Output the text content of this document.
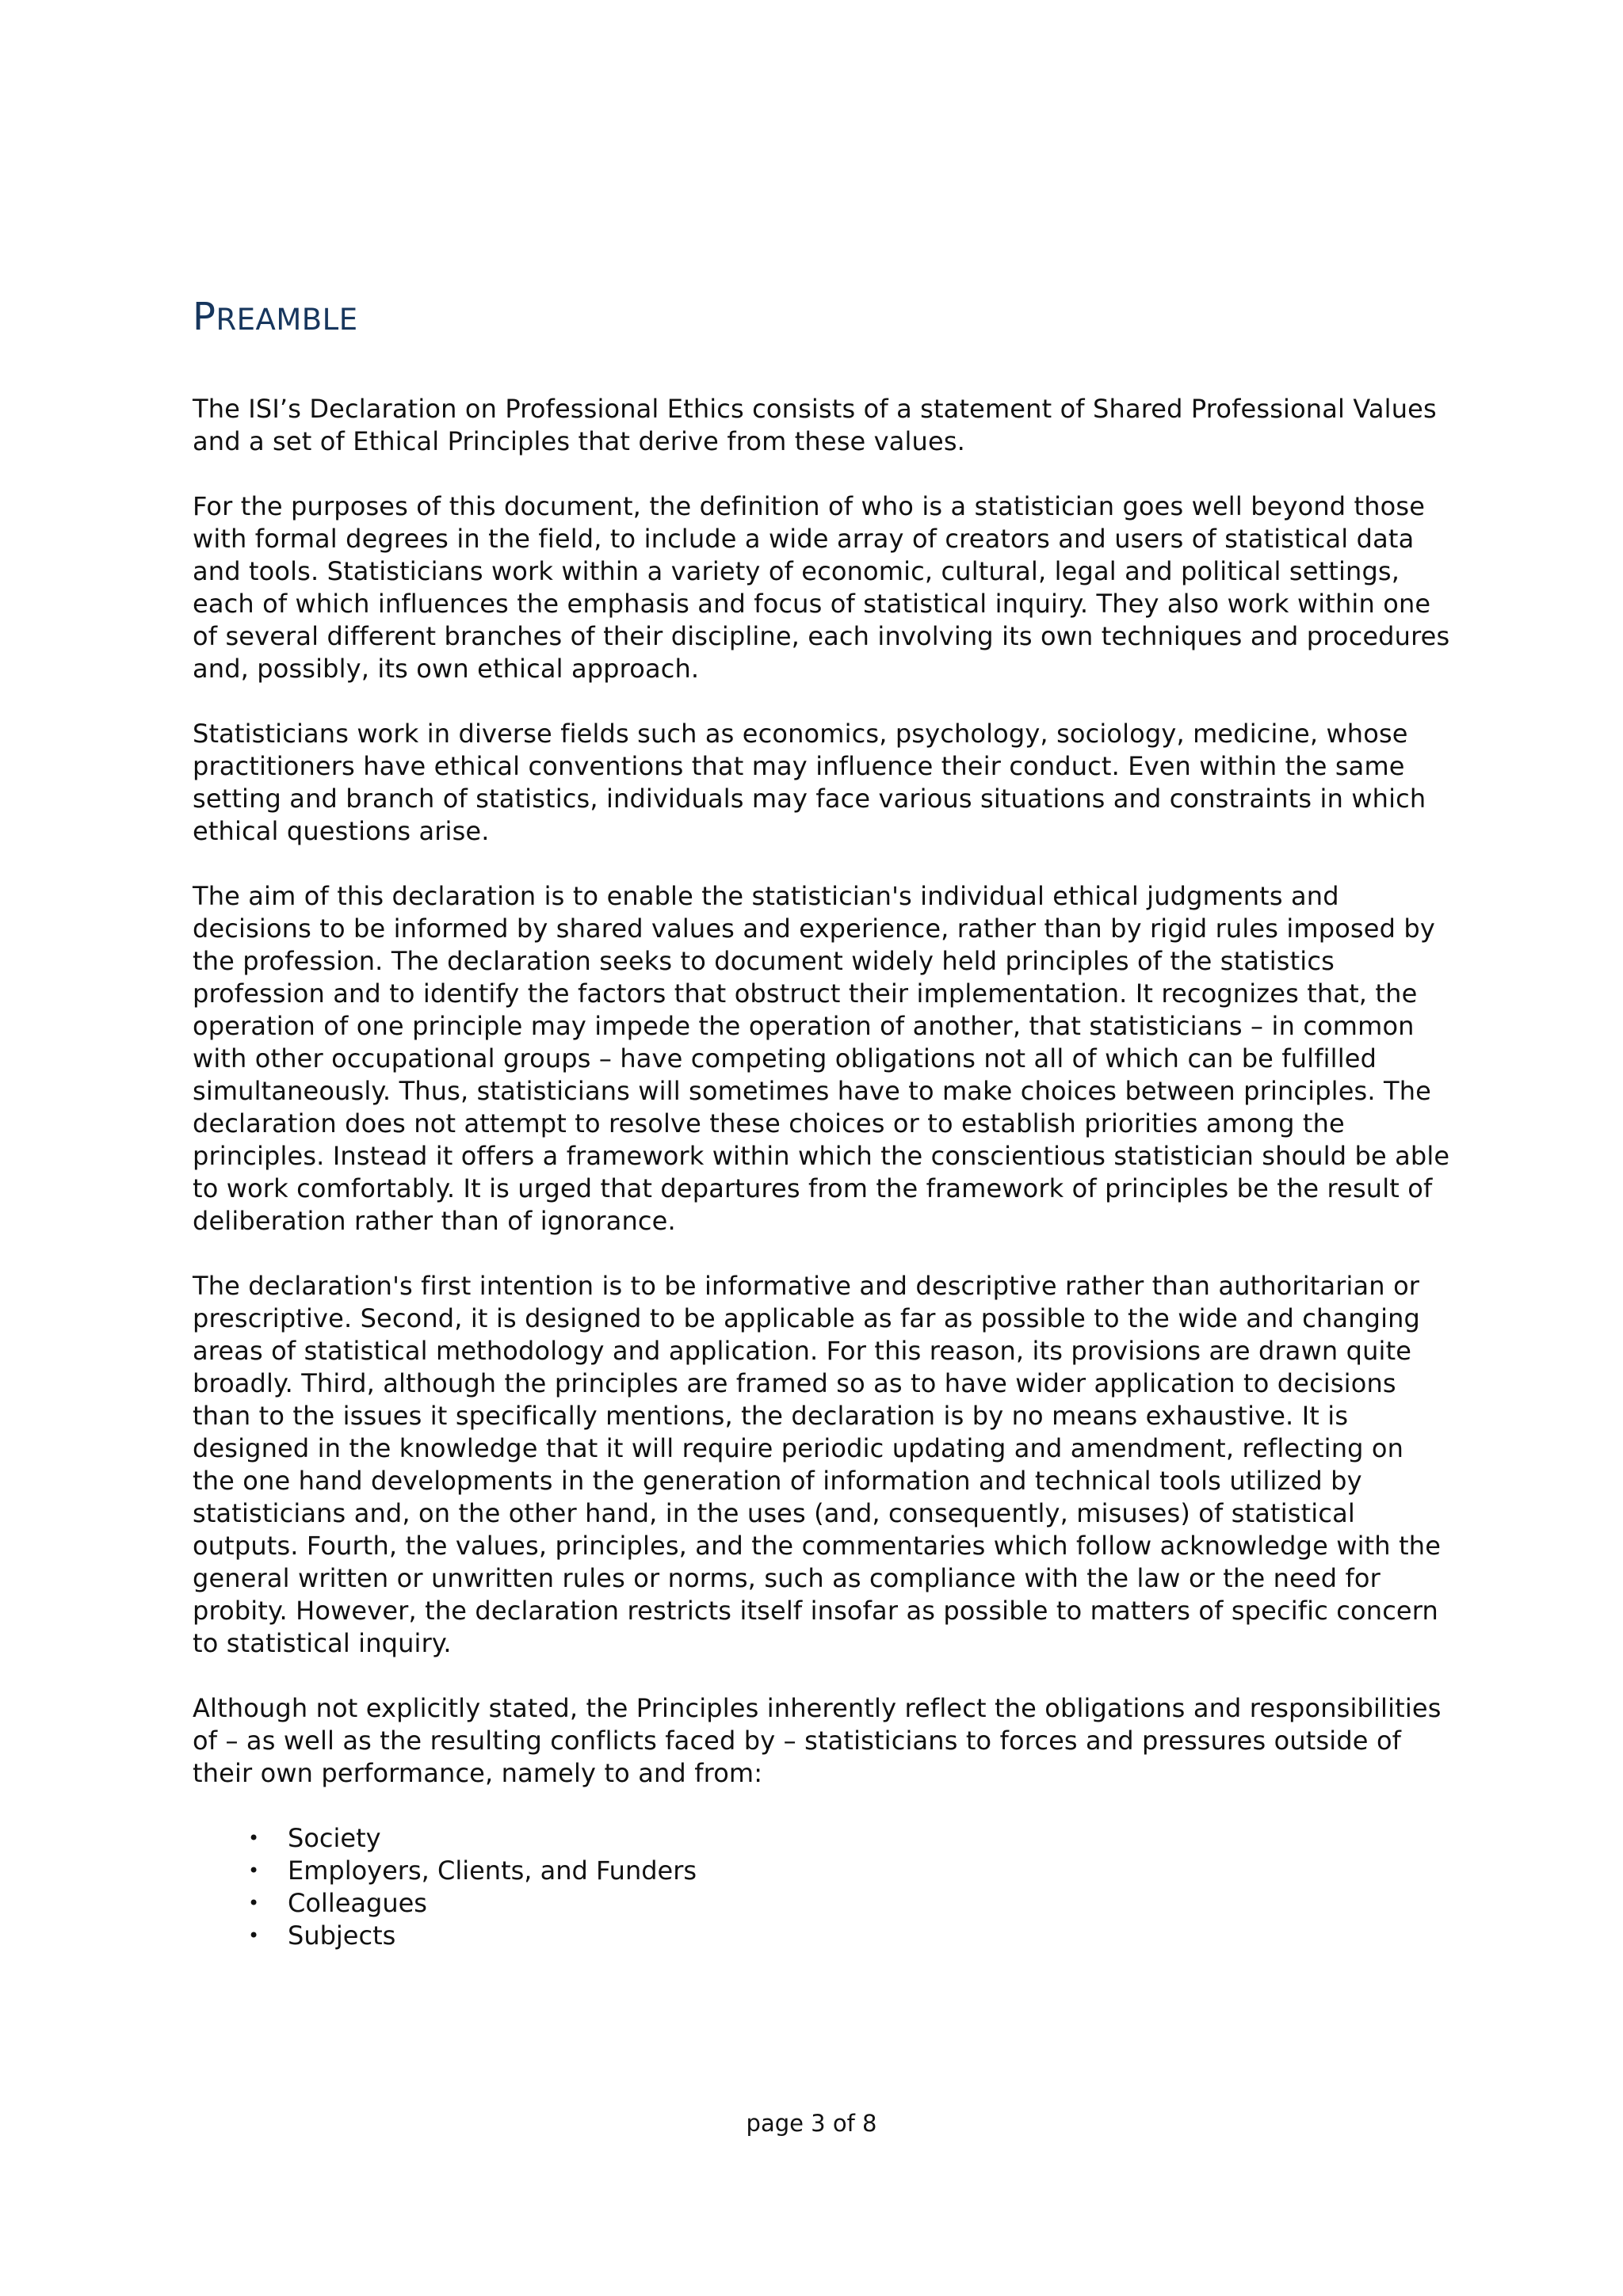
PREAMBLE

The ISI’s Declaration on Professional Ethics consists of a statement of Shared Professional Values and a set of Ethical Principles that derive from these values.

For the purposes of this document, the definition of who is a statistician goes well beyond those with formal degrees in the field, to include a wide array of creators and users of statistical data and tools. Statisticians work within a variety of economic, cultural, legal and political settings, each of which influences the emphasis and focus of statistical inquiry. They also work within one of several different branches of their discipline, each involving its own techniques and procedures and, possibly, its own ethical approach.

Statisticians work in diverse fields such as economics, psychology, sociology, medicine, whose practitioners have ethical conventions that may influence their conduct. Even within the same setting and branch of statistics, individuals may face various situations and constraints in which ethical questions arise.

The aim of this declaration is to enable the statistician's individual ethical judgments and decisions to be informed by shared values and experience, rather than by rigid rules imposed by the profession. The declaration seeks to document widely held principles of the statistics profession and to identify the factors that obstruct their implementation. It recognizes that, the operation of one principle may impede the operation of another, that statisticians – in common with other occupational groups – have competing obligations not all of which can be fulfilled simultaneously. Thus, statisticians will sometimes have to make choices between principles. The declaration does not attempt to resolve these choices or to establish priorities among the principles. Instead it offers a framework within which the conscientious statistician should be able to work comfortably. It is urged that departures from the framework of principles be the result of deliberation rather than of ignorance.

The declaration's first intention is to be informative and descriptive rather than authoritarian or prescriptive. Second, it is designed to be applicable as far as possible to the wide and changing areas of statistical methodology and application. For this reason, its provisions are drawn quite broadly. Third, although the principles are framed so as to have wider application to decisions than to the issues it specifically mentions, the declaration is by no means exhaustive. It is designed in the knowledge that it will require periodic updating and amendment, reflecting on the one hand developments in the generation of information and technical tools utilized by statisticians and, on the other hand, in the uses (and, consequently, misuses) of statistical outputs. Fourth, the values, principles, and the commentaries which follow acknowledge with the general written or unwritten rules or norms, such as compliance with the law or the need for probity. However, the declaration restricts itself insofar as possible to matters of specific concern to statistical inquiry.

Although not explicitly stated, the Principles inherently reflect the obligations and responsibilities of – as well as the resulting conflicts faced by – statisticians to forces and pressures outside of their own performance, namely to and from:

• Society
• Employers, Clients, and Funders
• Colleagues
• Subjects
page 3 of 8
